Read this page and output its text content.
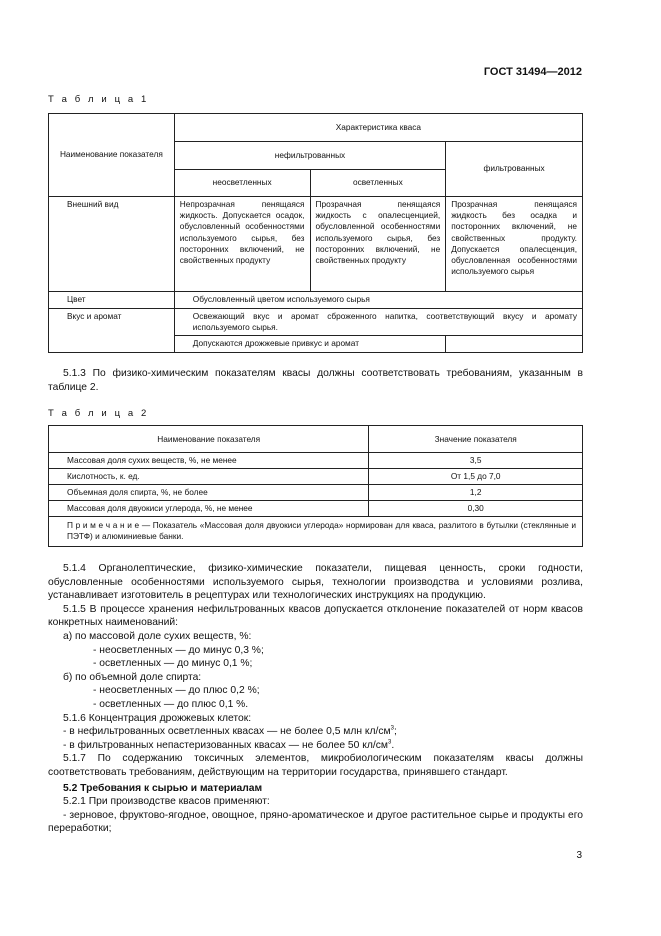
ГОСТ 31494—2012
Т а б л и ц а 1
Наименование показателя	Характеристика кваса		
	нефильтрованных		фильтрованных
	неосветленных	осветленных	
Внешний вид	Непрозрачная пенящаяся жидкость. Допускается осадок, обусловленный особенностями используемого сырья, без посторонних включений, не свойственных продукту	Прозрачная пенящаяся жидкость с опалесценцией, обусловленной особенностями используемого сырья, без посторонних включений, не свойственных продукту	Прозрачная пенящаяся жидкость без осадка и посторонних включений, не свойственных продукту. Допускается опалесценция, обусловленная особенностями используемого сырья
Цвет	Обусловленный цветом используемого сырья		
Вкус и аромат	Освежающий вкус и аромат сброженного напитка, соответствующий вкусу и аромату используемого сырья.		
	Допускаются дрожжевые привкус и аромат		
5.1.3 По физико-химическим показателям квасы должны соответствовать требованиям, указанным в таблице 2.
Т а б л и ц а 2
Наименование показателя	Значение показателя
Массовая доля сухих веществ, %, не менее	3,5
Кислотность, к. ед.	От 1,5 до 7,0
Объемная доля спирта, %, не более	1,2
Массовая доля двуокиси углерода, %, не менее	0,30
П р и м е ч а н и е — Показатель «Массовая доля двуокиси углерода» нормирован для кваса, разлитого в бутылки (стеклянные и ПЭТФ) и алюминиевые банки.	
5.1.4 Органолептические, физико-химические показатели, пищевая ценность, сроки годности, обусловленные особенностями используемого сырья, технологии производства и условиями розлива, устанавливает изготовитель в рецептурах или технологических инструкциях на продукцию.
5.1.5 В процессе хранения нефильтрованных квасов допускается отклонение показателей от норм квасов конкретных наименований:
а) по массовой доле сухих веществ, %:
- неосветленных — до минус 0,3 %;
- осветленных — до минус 0,1 %;
б) по объемной доле спирта:
- неосветленных — до плюс 0,2 %;
- осветленных — до плюс 0,1 %.
5.1.6 Концентрация дрожжевых клеток:
- в нефильтрованных осветленных квасах — не более 0,5 млн $кл/см^3$;
- в фильтрованных непастеризованных квасах — не более 50 $кл/см^3$.
5.1.7 По содержанию токсичных элементов, микробиологическим показателям квасы должны соответствовать требованиям, действующим на территории государства, принявшего стандарт.
5.2 Требования к сырью и материалам
5.2.1 При производстве квасов применяют:
- зерновое, фруктово-ягодное, овощное, пряно-ароматическое и другое растительное сырье и продукты его переработки;
3
